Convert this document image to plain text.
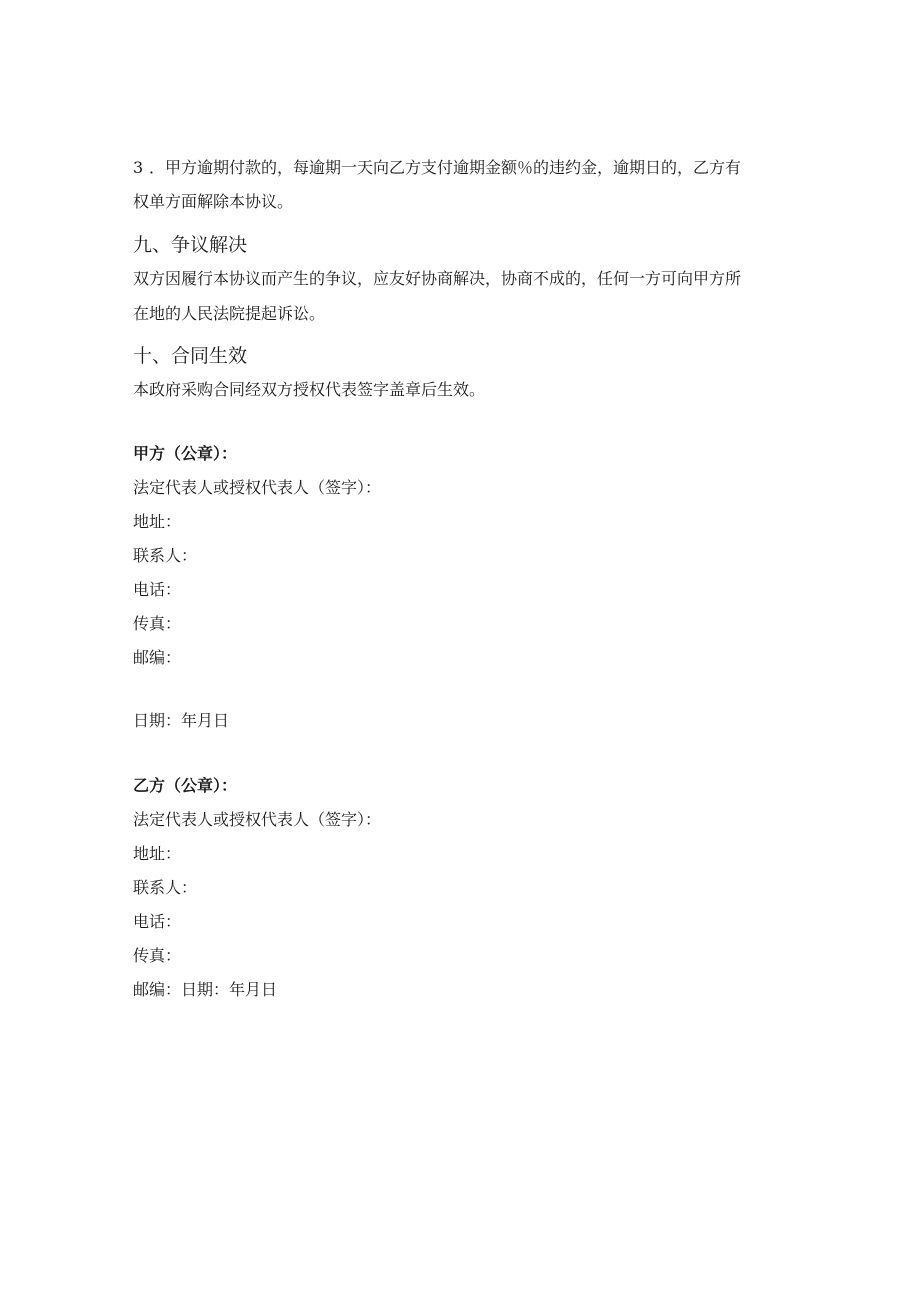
3 ．甲方逾期付款的，每逾期一天向乙方支付逾期金额％的违约金，逾期日的，乙方有

权单方面解除本协议。

九、争议解决

双方因履行本协议而产生的争议，应友好协商解决，协商不成的，任何一方可向甲方所

在地的人民法院提起诉讼。

十、合同生效

本政府采购合同经双方授权代表签字盖章后生效。

甲方（公章）：

法定代表人或授权代表人（签字）：

地址：

联系人：

电话：

传真：

邮编：

日期：年月日

乙方（公章）：

法定代表人或授权代表人（签字）：

地址：

联系人：

电话：

传真：

邮编：日期：年月日
